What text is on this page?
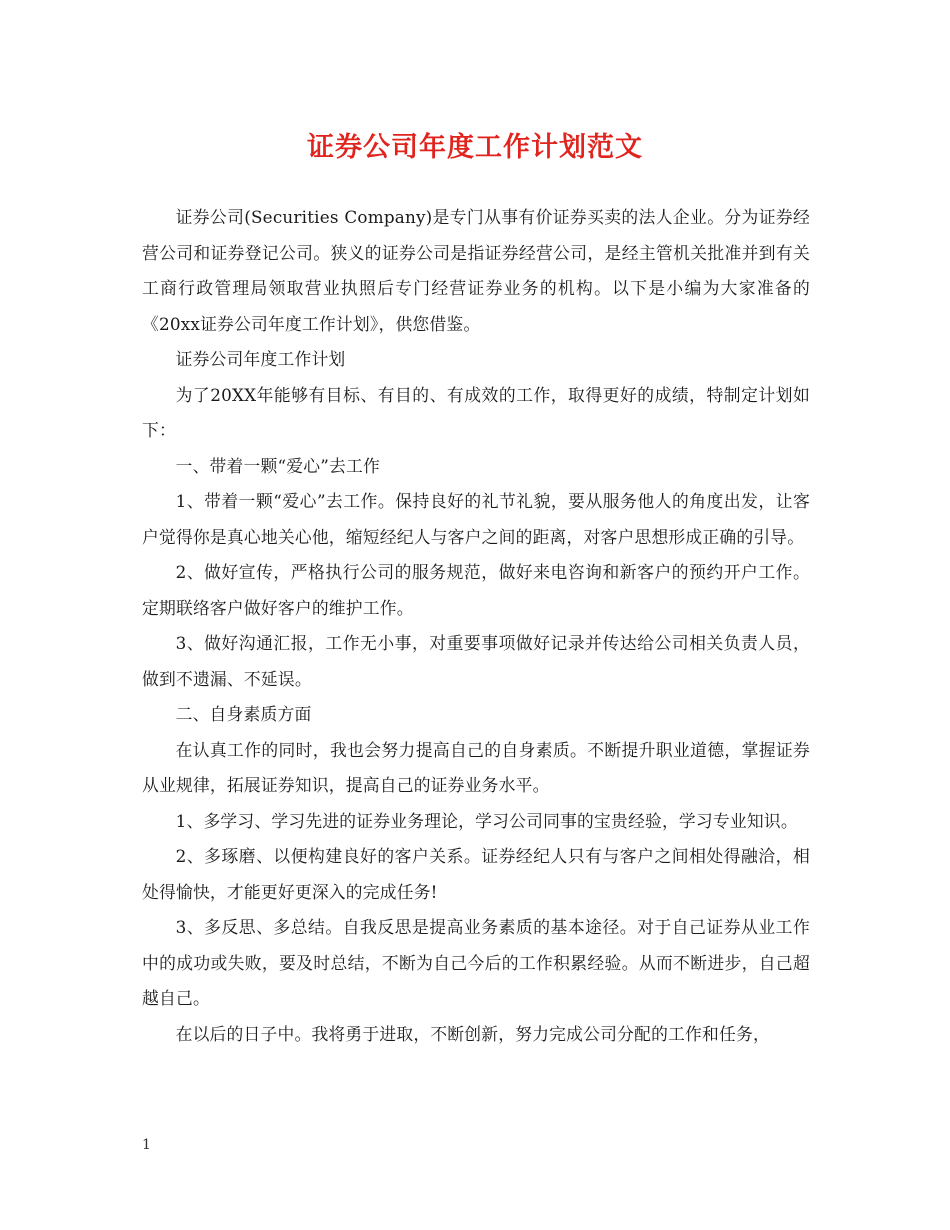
证券公司年度工作计划范文

证券公司(Securities Company)是专门从事有价证券买卖的法人企业。分为证券经营公司和证券登记公司。狭义的证券公司是指证券经营公司，是经主管机关批准并到有关工商行政管理局领取营业执照后专门经营证券业务的机构。以下是小编为大家准备的《20xx证券公司年度工作计划》，供您借鉴。

证券公司年度工作计划

为了20XX年能够有目标、有目的、有成效的工作，取得更好的成绩，特制定计划如下：

一、带着一颗“爱心”去工作

1、带着一颗“爱心”去工作。保持良好的礼节礼貌，要从服务他人的角度出发，让客户觉得你是真心地关心他，缩短经纪人与客户之间的距离，对客户思想形成正确的引导。

2、做好宣传，严格执行公司的服务规范，做好来电咨询和新客户的预约开户工作。定期联络客户做好客户的维护工作。

3、做好沟通汇报，工作无小事，对重要事项做好记录并传达给公司相关负责人员，做到不遗漏、不延误。

二、自身素质方面

在认真工作的同时，我也会努力提高自己的自身素质。不断提升职业道德，掌握证券从业规律，拓展证券知识，提高自己的证券业务水平。

1、多学习、学习先进的证券业务理论，学习公司同事的宝贵经验，学习专业知识。

2、多琢磨、以便构建良好的客户关系。证券经纪人只有与客户之间相处得融洽，相处得愉快，才能更好更深入的完成任务!

3、多反思、多总结。自我反思是提高业务素质的基本途径。对于自己证券从业工作中的成功或失败，要及时总结，不断为自己今后的工作积累经验。从而不断进步，自己超越自己。

在以后的日子中。我将勇于进取，不断创新，努力完成公司分配的工作和任务，

1
